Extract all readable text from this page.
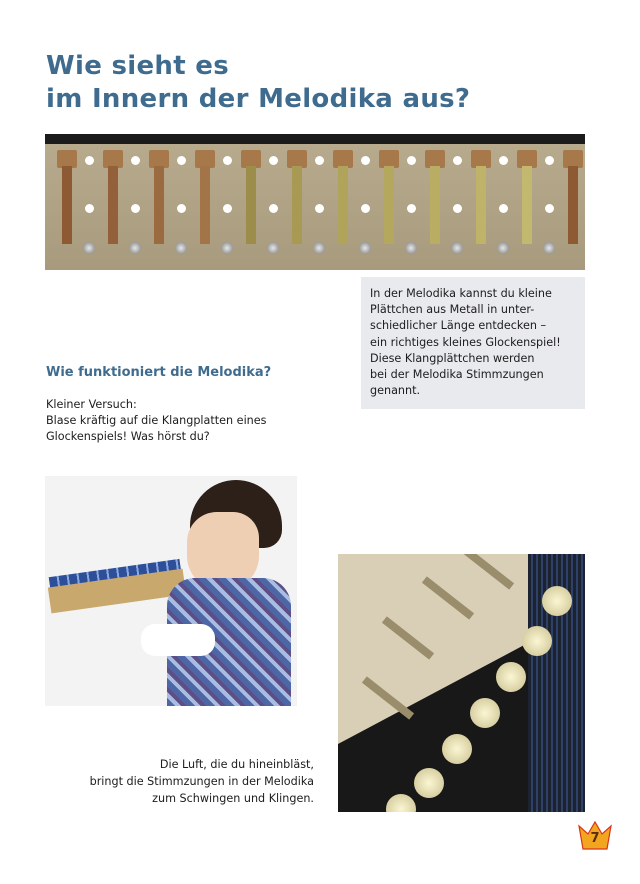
Wie sieht es
im Innern der Melodika aus?
In der Melodika kannst du kleine
Plättchen aus Metall in unter-
schiedlicher Länge entdecken –
ein richtiges kleines Glockenspiel!
Diese Klangplättchen werden
bei der Melodika Stimmzungen
genannt.
Wie funktioniert die Melodika?
Kleiner Versuch:
Blase kräftig auf die Klangplatten eines
Glockenspiels! Was hörst du?
Die Luft, die du hineinbläst,
bringt die Stimmzungen in der Melodika
zum Schwingen und Klingen.
7
